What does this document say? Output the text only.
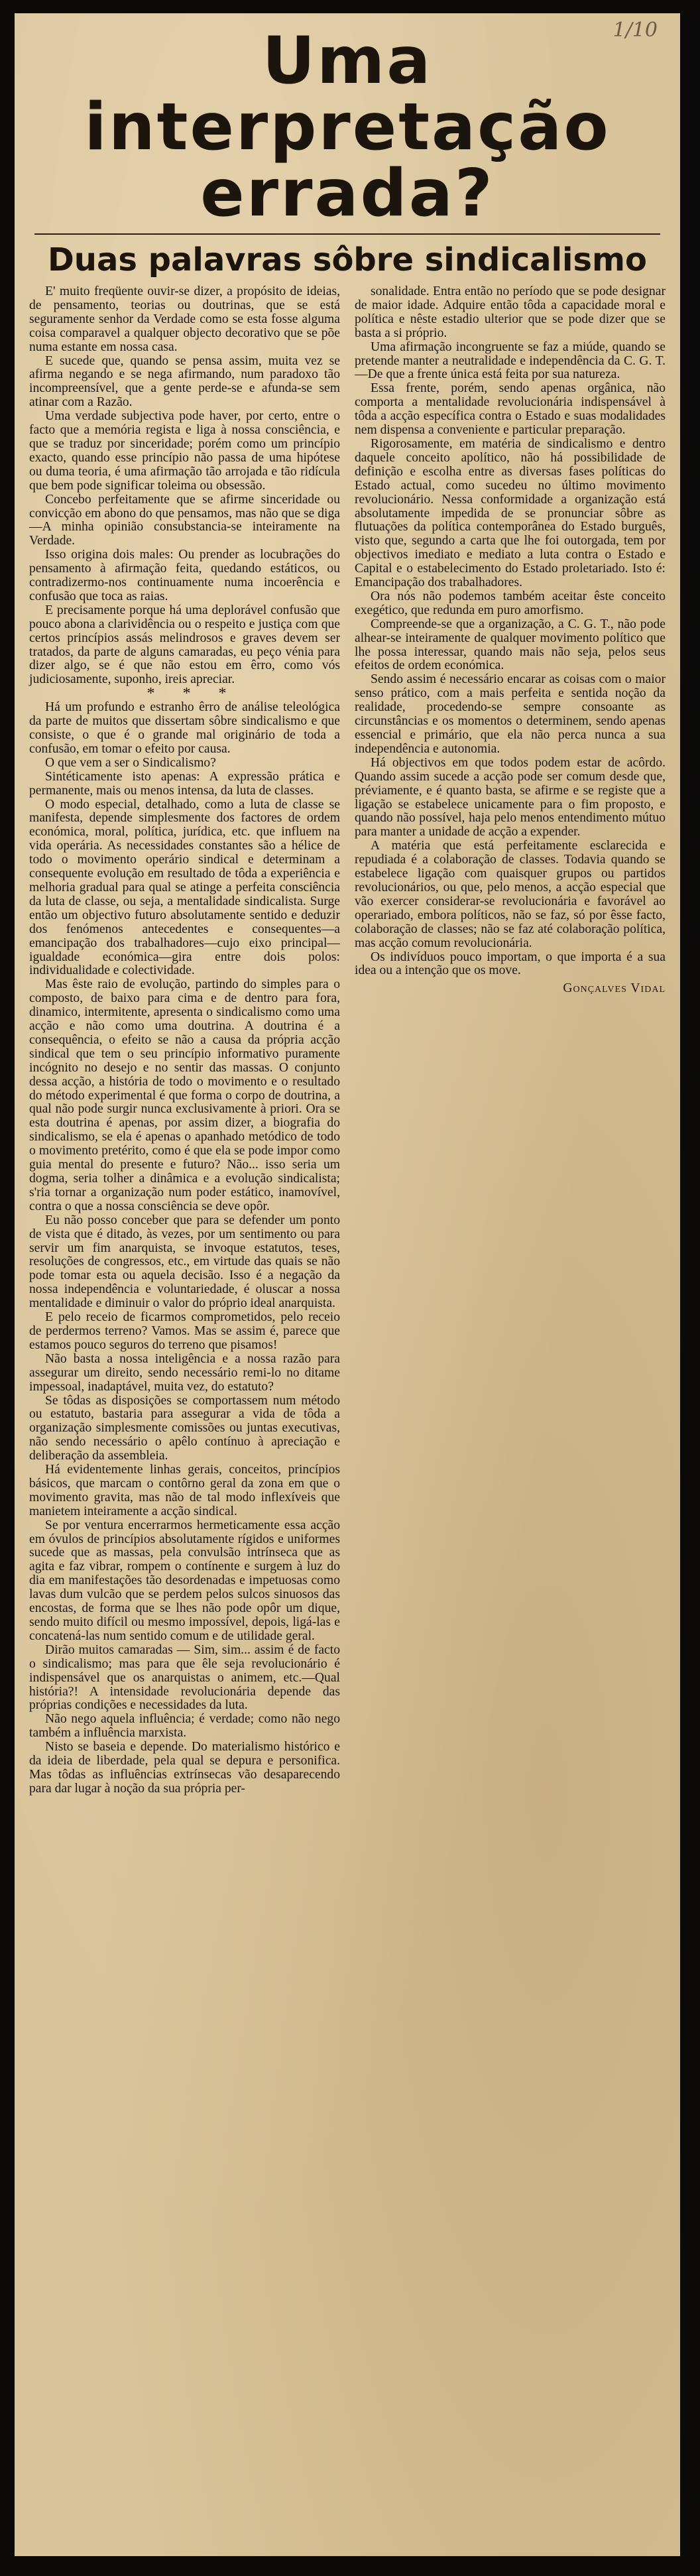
1/10
Uma interpretação errada?
Duas palavras sôbre sindicalismo

E' muito freqüente ouvir-se dizer, a propósito de ideias, de pensamento, teorias ou doutrinas, que se está seguramente senhor da Verdade como se esta fosse alguma coisa comparavel a qualquer objecto decorativo que se põe numa estante em nossa casa.

E sucede que, quando se pensa assim, muita vez se afirma negando e se nega afirmando, num paradoxo tão incompreensível, que a gente perde-se e afunda-se sem atinar com a Razão.

Uma verdade subjectiva pode haver, por certo, entre o facto que a memória regista e liga à nossa consciência, e que se traduz por sinceridade; porém como um princípio exacto, quando esse princípio não passa de uma hipótese ou duma teoria, é uma afirmação tão arrojada e tão ridícula que bem pode significar toleima ou obsessão.

Concebo perfeitamente que se afirme sinceridade ou convicção em abono do que pensamos, mas não que se diga—A minha opinião consubstancia-se inteiramente na Verdade.

Isso origina dois males: Ou prender as locubrações do pensamento à afirmação feita, quedando estáticos, ou contradizermo-nos continuamente numa incoerência e confusão que toca as raias.

E precisamente porque há uma deplorável confusão que pouco abona a clarividência ou o respeito e justiça com que certos princípios assás melindrosos e graves devem ser tratados, da parte de alguns camaradas, eu peço vénia para dizer algo, se é que não estou em êrro, como vós judiciosamente, suponho, ireis apreciar.

* * *

Há um profundo e estranho êrro de análise teleológica da parte de muitos que dissertam sôbre sindicalismo e que consiste, o que é o grande mal originário de toda a confusão, em tomar o efeito por causa.

O que vem a ser o Sindicalismo?

Sintéticamente isto apenas: A expressão prática e permanente, mais ou menos intensa, da luta de classes.

O modo especial, detalhado, como a luta de classe se manifesta, depende simplesmente dos factores de ordem económica, moral, política, jurídica, etc. que influem na vida operária. As necessidades constantes são a hélice de todo o movimento operário sindical e determinam a consequente evolução em resultado de tôda a experiência e melhoria gradual para qual se atinge a perfeita consciência da luta de classe, ou seja, a mentalidade sindicalista. Surge então um objectivo futuro absolutamente sentido e deduzir dos fenómenos antecedentes e consequentes—a emancipação dos trabalhadores—cujo eixo principal—igualdade económica—gira entre dois polos: individualidade e colectividade.

Mas êste raio de evolução, partindo do simples para o composto, de baixo para cima e de dentro para fora, dinamico, intermitente, apresenta o sindicalismo como uma acção e não como uma doutrina. A doutrina é a consequência, o efeito se não a causa da própria acção sindical que tem o seu princípio informativo puramente incógnito no desejo e no sentir das massas. O conjunto dessa acção, a história de todo o movimento e o resultado do método experimental é que forma o corpo de doutrina, a qual não pode surgir nunca exclusivamente à priori. Ora se esta doutrina é apenas, por assim dizer, a biografia do sindicalismo, se ela é apenas o apanhado metódico de todo o movimento pretérito, como é que ela se pode impor como guia mental do presente e futuro? Não... isso seria um dogma, seria tolher a dinâmica e a evolução sindicalista; s'ria tornar a organização num poder estático, inamovível, contra o que a nossa consciência se deve opôr.

Eu não posso conceber que para se defender um ponto de vista que é ditado, às vezes, por um sentimento ou para servir um fim anarquista, se invoque estatutos, teses, resoluções de congressos, etc., em virtude das quais se não pode tomar esta ou aquela decisão. Isso é a negação da nossa independência e voluntariedade, é oluscar a nossa mentalidade e diminuir o valor do próprio ideal anarquista.

E pelo receio de ficarmos comprometidos, pelo receio de perdermos terreno? Vamos. Mas se assim é, parece que estamos pouco seguros do terreno que pisamos!

Não basta a nossa inteligência e a nossa razão para assegurar um direito, sendo necessário remi-lo no ditame impessoal, inadaptável, muita vez, do estatuto?

Se tôdas as disposições se comportassem num método ou estatuto, bastaria para assegurar a vida de tôda a organização simplesmente comissões ou juntas executivas, não sendo necessário o apêlo contínuo à apreciação e deliberação da assembleia.

Há evidentemente linhas gerais, conceitos, princípios básicos, que marcam o contôrno geral da zona em que o movimento gravita, mas não de tal modo inflexíveis que manietem inteiramente a acção sindical.

Se por ventura encerrarmos hermeticamente essa acção em óvulos de princípios absolutamente rígidos e uniformes sucede que as massas, pela convulsão intrínseca que as agita e faz vibrar, rompem o contínente e surgem à luz do dia em manifestações tão desordenadas e impetuosas como lavas dum vulcão que se perdem pelos sulcos sinuosos das encostas, de forma que se lhes não pode opôr um dique, sendo muito difícil ou mesmo impossível, depois, ligá-las e concatená-las num sentido comum e de utilidade geral.

Dirão muitos camaradas — Sim, sim... assim é de facto o sindicalismo; mas para que êle seja revolucionário é indispensável que os anarquistas o animem, etc.—Qual história?! A intensidade revolucionária depende das próprias condições e necessidades da luta.

Não nego aquela influência; é verdade; como não nego também a influência marxista.

Nisto se baseia e depende. Do materialismo histórico e da ideia de liberdade, pela qual se depura e personifica. Mas tôdas as influências extrínsecas vão desaparecendo para dar lugar à noção da sua própria per-

sonalidade. Entra então no período que se pode designar de maior idade. Adquire então tôda a capacidade moral e política e nêste estadio ulterior que se pode dizer que se basta a si próprio.

Uma afirmação incongruente se faz a miúde, quando se pretende manter a neutralidade e independência da C. G. T.—De que a frente única está feita por sua natureza.

Essa frente, porém, sendo apenas orgânica, não comporta a mentalidade revolucionária indispensável à tôda a acção específica contra o Estado e suas modalidades nem dispensa a conveniente e particular preparação.

Rigorosamente, em matéria de sindicalismo e dentro daquele conceito apolítico, não há possibilidade de definição e escolha entre as diversas fases políticas do Estado actual, como sucedeu no último movimento revolucionário. Nessa conformidade a organização está absolutamente impedida de se pronunciar sôbre as flutuações da política contemporânea do Estado burguês, visto que, segundo a carta que lhe foi outorgada, tem por objectivos imediato e mediato a luta contra o Estado e Capital e o estabelecimento do Estado proletariado. Isto é: Emancipação dos trabalhadores.

Ora nós não podemos também aceitar êste conceito exegético, que redunda em puro amorfismo.

Compreende-se que a organização, a C. G. T., não pode alhear-se inteiramente de qualquer movimento político que lhe possa interessar, quando mais não seja, pelos seus efeitos de ordem económica.

Sendo assim é necessário encarar as coisas com o maior senso prático, com a mais perfeita e sentida noção da realidade, procedendo-se sempre consoante as circunstâncias e os momentos o determinem, sendo apenas essencial e primário, que ela não perca nunca a sua independência e autonomia.

Há objectivos em que todos podem estar de acôrdo. Quando assim sucede a acção pode ser comum desde que, préviamente, e é quanto basta, se afirme e se registe que a ligação se estabelece unicamente para o fim proposto, e quando não possível, haja pelo menos entendimento mútuo para manter a unidade de acção a expender.

A matéria que está perfeitamente esclarecida e repudiada é a colaboração de classes. Todavia quando se estabelece ligação com quaisquer grupos ou partidos revolucionários, ou que, pelo menos, a acção especial que vão exercer considerar-se revolucionária e favorável ao operariado, embora políticos, não se faz, só por êsse facto, colaboração de classes; não se faz até colaboração política, mas acção comum revolucionária.

Os indivíduos pouco importam, o que importa é a sua idea ou a intenção que os move.

Gonçalves Vidal
